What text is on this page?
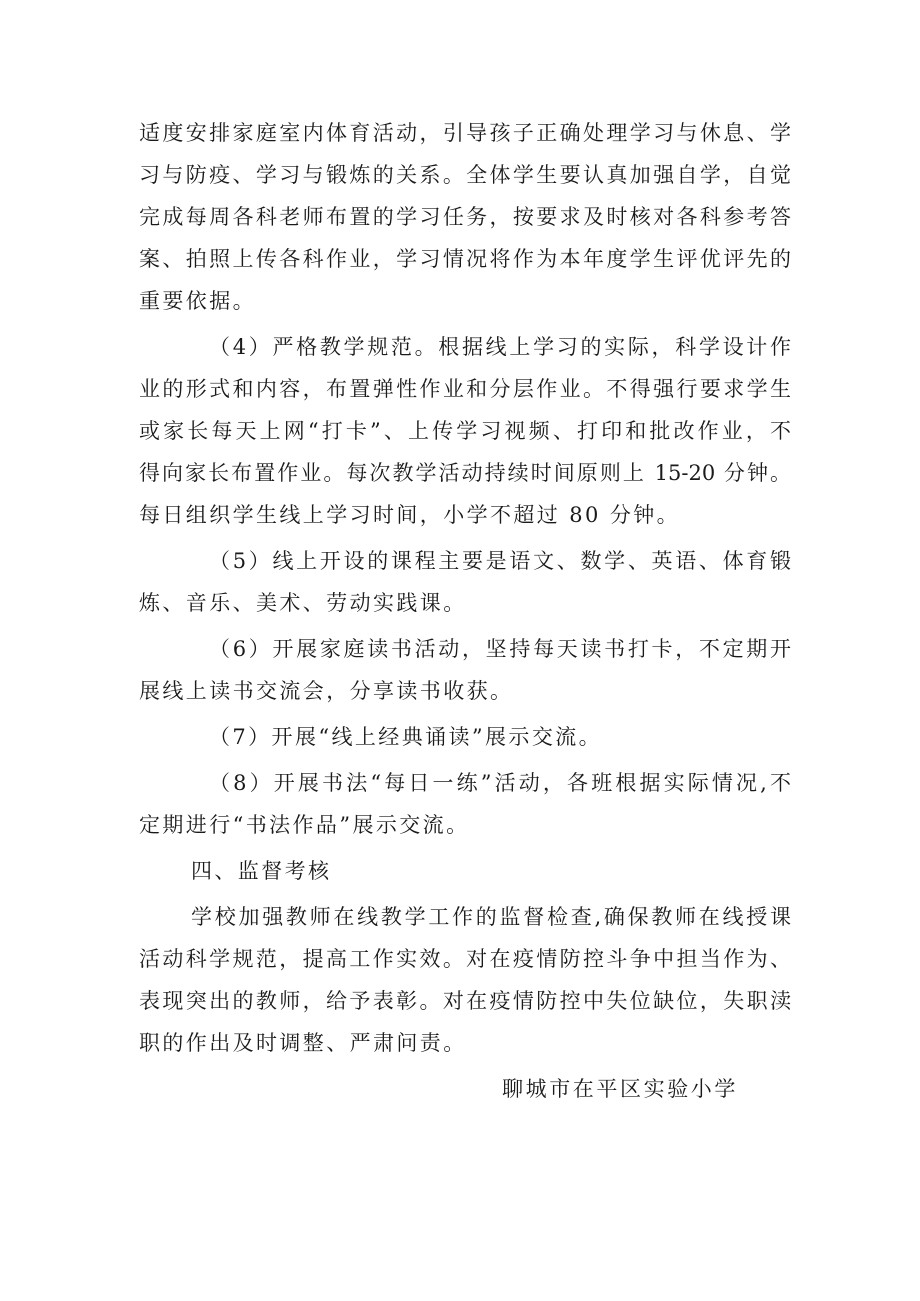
适度安排家庭室内体育活动，引导孩子正确处理学习与休息、学
习与防疫、学习与锻炼的关系。全体学生要认真加强自学，自觉
完成每周各科老师布置的学习任务，按要求及时核对各科参考答
案、拍照上传各科作业，学习情况将作为本年度学生评优评先的
重要依据。
（4）严格教学规范。根据线上学习的实际，科学设计作
业的形式和内容，布置弹性作业和分层作业。不得强行要求学生
或家长每天上网“打卡”、上传学习视频、打印和批改作业，不
得向家长布置作业。每次教学活动持续时间原则上 15-20 分钟。
每日组织学生线上学习时间，小学不超过 80 分钟。
（5）线上开设的课程主要是语文、数学、英语、体育锻
炼、音乐、美术、劳动实践课。
（6）开展家庭读书活动，坚持每天读书打卡，不定期开
展线上读书交流会，分享读书收获。
（7）开展“线上经典诵读”展示交流。
（8）开展书法“每日一练”活动，各班根据实际情况,不
定期进行“书法作品”展示交流。
四、监督考核
学校加强教师在线教学工作的监督检查,确保教师在线授课
活动科学规范，提高工作实效。对在疫情防控斗争中担当作为、
表现突出的教师，给予表彰。对在疫情防控中失位缺位，失职渎
职的作出及时调整、严肃问责。
聊城市在平区实验小学
